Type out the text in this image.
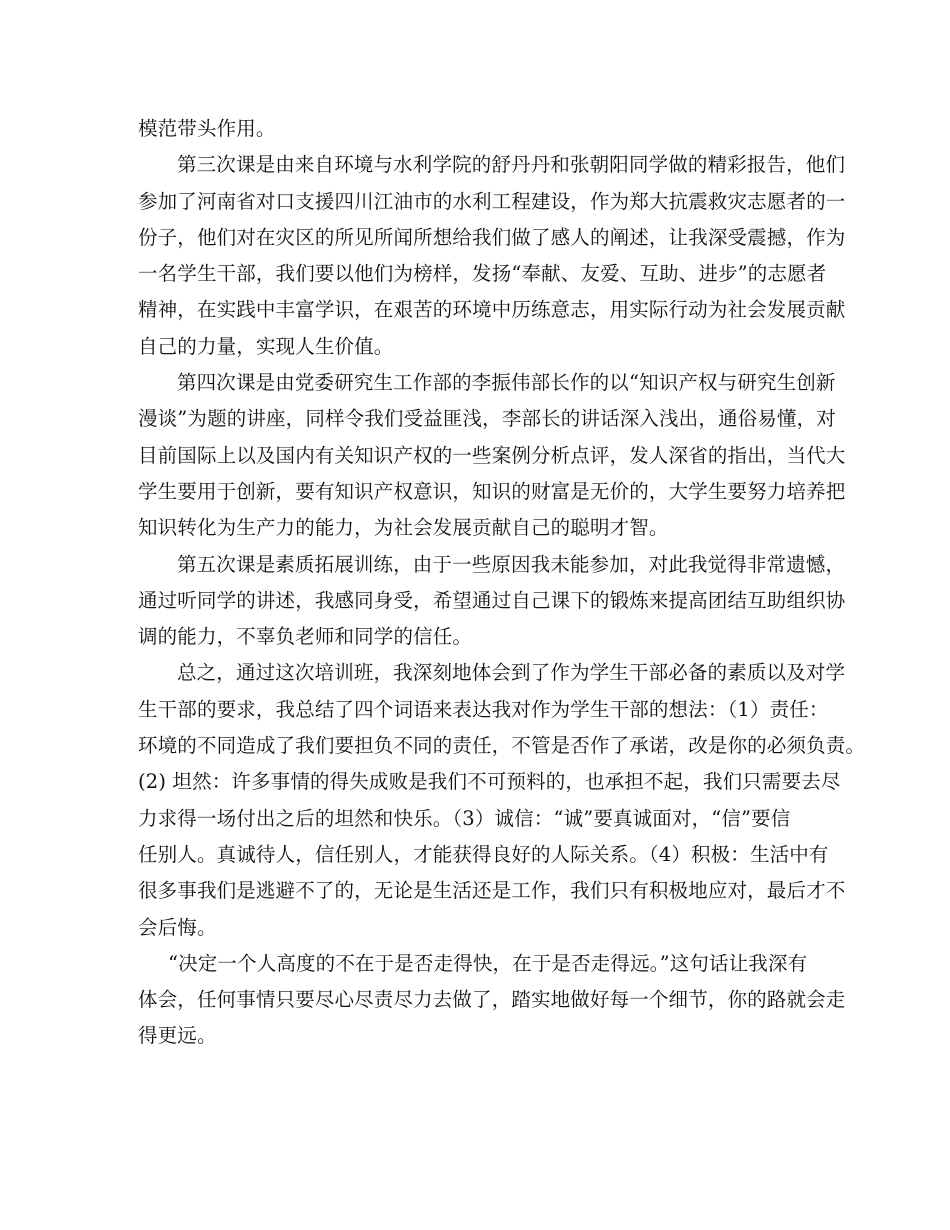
模范带头作用。
第三次课是由来自环境与水利学院的舒丹丹和张朝阳同学做的精彩报告，他们
参加了河南省对口支援四川江油市的水利工程建设，作为郑大抗震救灾志愿者的一
份子，他们对在灾区的所见所闻所想给我们做了感人的阐述，让我深受震撼，作为
一名学生干部，我们要以他们为榜样，发扬“奉献、友爱、互助、进步”的志愿者
精神，在实践中丰富学识，在艰苦的环境中历练意志，用实际行动为社会发展贡献
自己的力量，实现人生价值。
第四次课是由党委研究生工作部的李振伟部长作的以“知识产权与研究生创新
漫谈”为题的讲座，同样令我们受益匪浅，李部长的讲话深入浅出，通俗易懂，对
目前国际上以及国内有关知识产权的一些案例分析点评，发人深省的指出，当代大
学生要用于创新，要有知识产权意识，知识的财富是无价的，大学生要努力培养把
知识转化为生产力的能力，为社会发展贡献自己的聪明才智。
第五次课是素质拓展训练，由于一些原因我未能参加，对此我觉得非常遗憾，
通过听同学的讲述，我感同身受，希望通过自己课下的锻炼来提高团结互助组织协
调的能力，不辜负老师和同学的信任。
总之，通过这次培训班，我深刻地体会到了作为学生干部必备的素质以及对学
生干部的要求，我总结了四个词语来表达我对作为学生干部的想法：（1）责任：
环境的不同造成了我们要担负不同的责任，不管是否作了承诺，改是你的必须负责。
(2) 坦然：许多事情的得失成败是我们不可预料的，也承担不起，我们只需要去尽
力求得一场付出之后的坦然和快乐。（3）诚信：“诚”要真诚面对，“信”要信
任别人。真诚待人，信任别人，才能获得良好的人际关系。（4）积极：生活中有
很多事我们是逃避不了的，无论是生活还是工作，我们只有积极地应对，最后才不
会后悔。
“决定一个人高度的不在于是否走得快，在于是否走得远。”这句话让我深有
体会，任何事情只要尽心尽责尽力去做了，踏实地做好每一个细节，你的路就会走
得更远。
